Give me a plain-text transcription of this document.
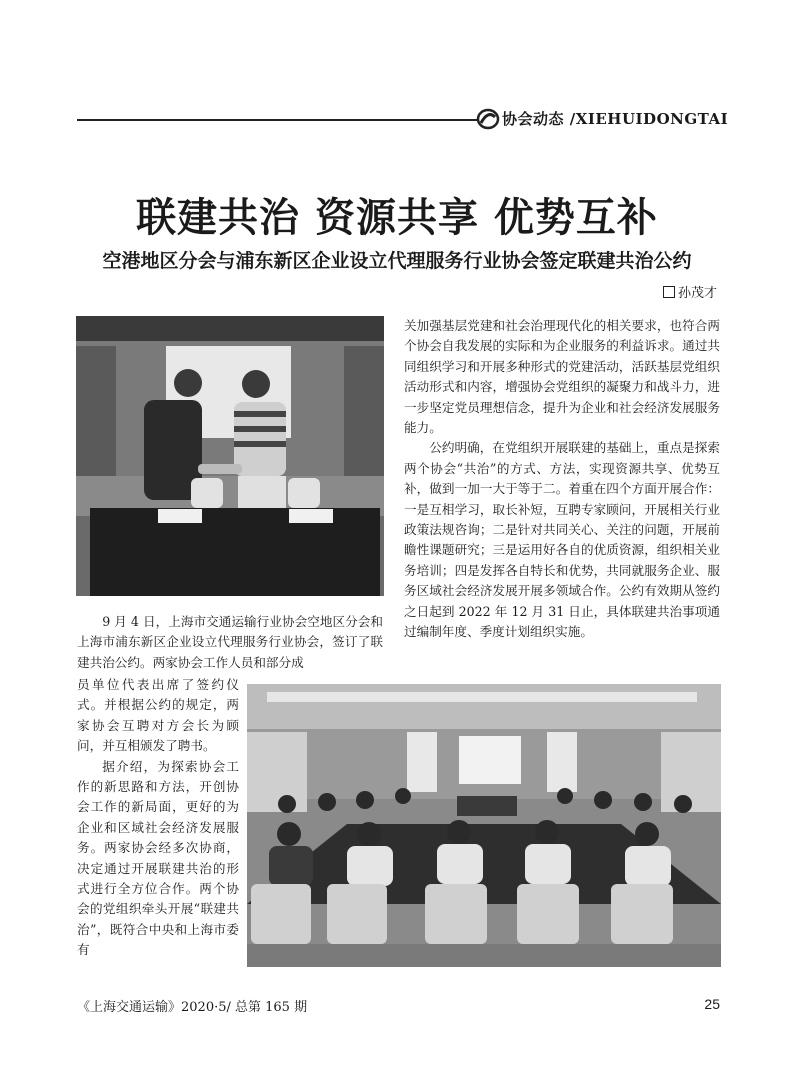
协会动态 /XIEHUIDONGTAI
联建共治 资源共享 优势互补
空港地区分会与浦东新区企业设立代理服务行业协会签定联建共治公约
孙茂才

关加强基层党建和社会治理现代化的相关要求，也符合两个协会自我发展的实际和为企业服务的利益诉求。通过共同组织学习和开展多种形式的党建活动，活跃基层党组织活动形式和内容，增强协会党组织的凝聚力和战斗力，进一步坚定党员理想信念，提升为企业和社会经济发展服务能力。

公约明确，在党组织开展联建的基础上，重点是探索两个协会“共治”的方式、方法，实现资源共享、优势互补，做到一加一大于等于二。着重在四个方面开展合作：一是互相学习，取长补短，互聘专家顾问，开展相关行业政策法规咨询；二是针对共同关心、关注的问题，开展前瞻性课题研究；三是运用好各自的优质资源，组织相关业务培训；四是发挥各自特长和优势，共同就服务企业、服务区域社会经济发展开展多领域合作。公约有效期从签约之日起到 2022 年 12 月 31 日止，具体联建共治事项通过编制年度、季度计划组织实施。

9 月 4 日，上海市交通运输行业协会空地区分会和上海市浦东新区企业设立代理服务行业协会，签订了联建共治公约。两家协会工作人员和部分成

员单位代表出席了签约仪式。并根据公约的规定，两家协会互聘对方会长为顾问，并互相颁发了聘书。

据介绍，为探索协会工作的新思路和方法，开创协会工作的新局面，更好的为企业和区域社会经济发展服务。两家协会经多次协商，决定通过开展联建共治的形式进行全方位合作。两个协会的党组织牵头开展“联建共治”，既符合中央和上海市委有

《上海交通运输》2020·5/ 总第 165 期	25
